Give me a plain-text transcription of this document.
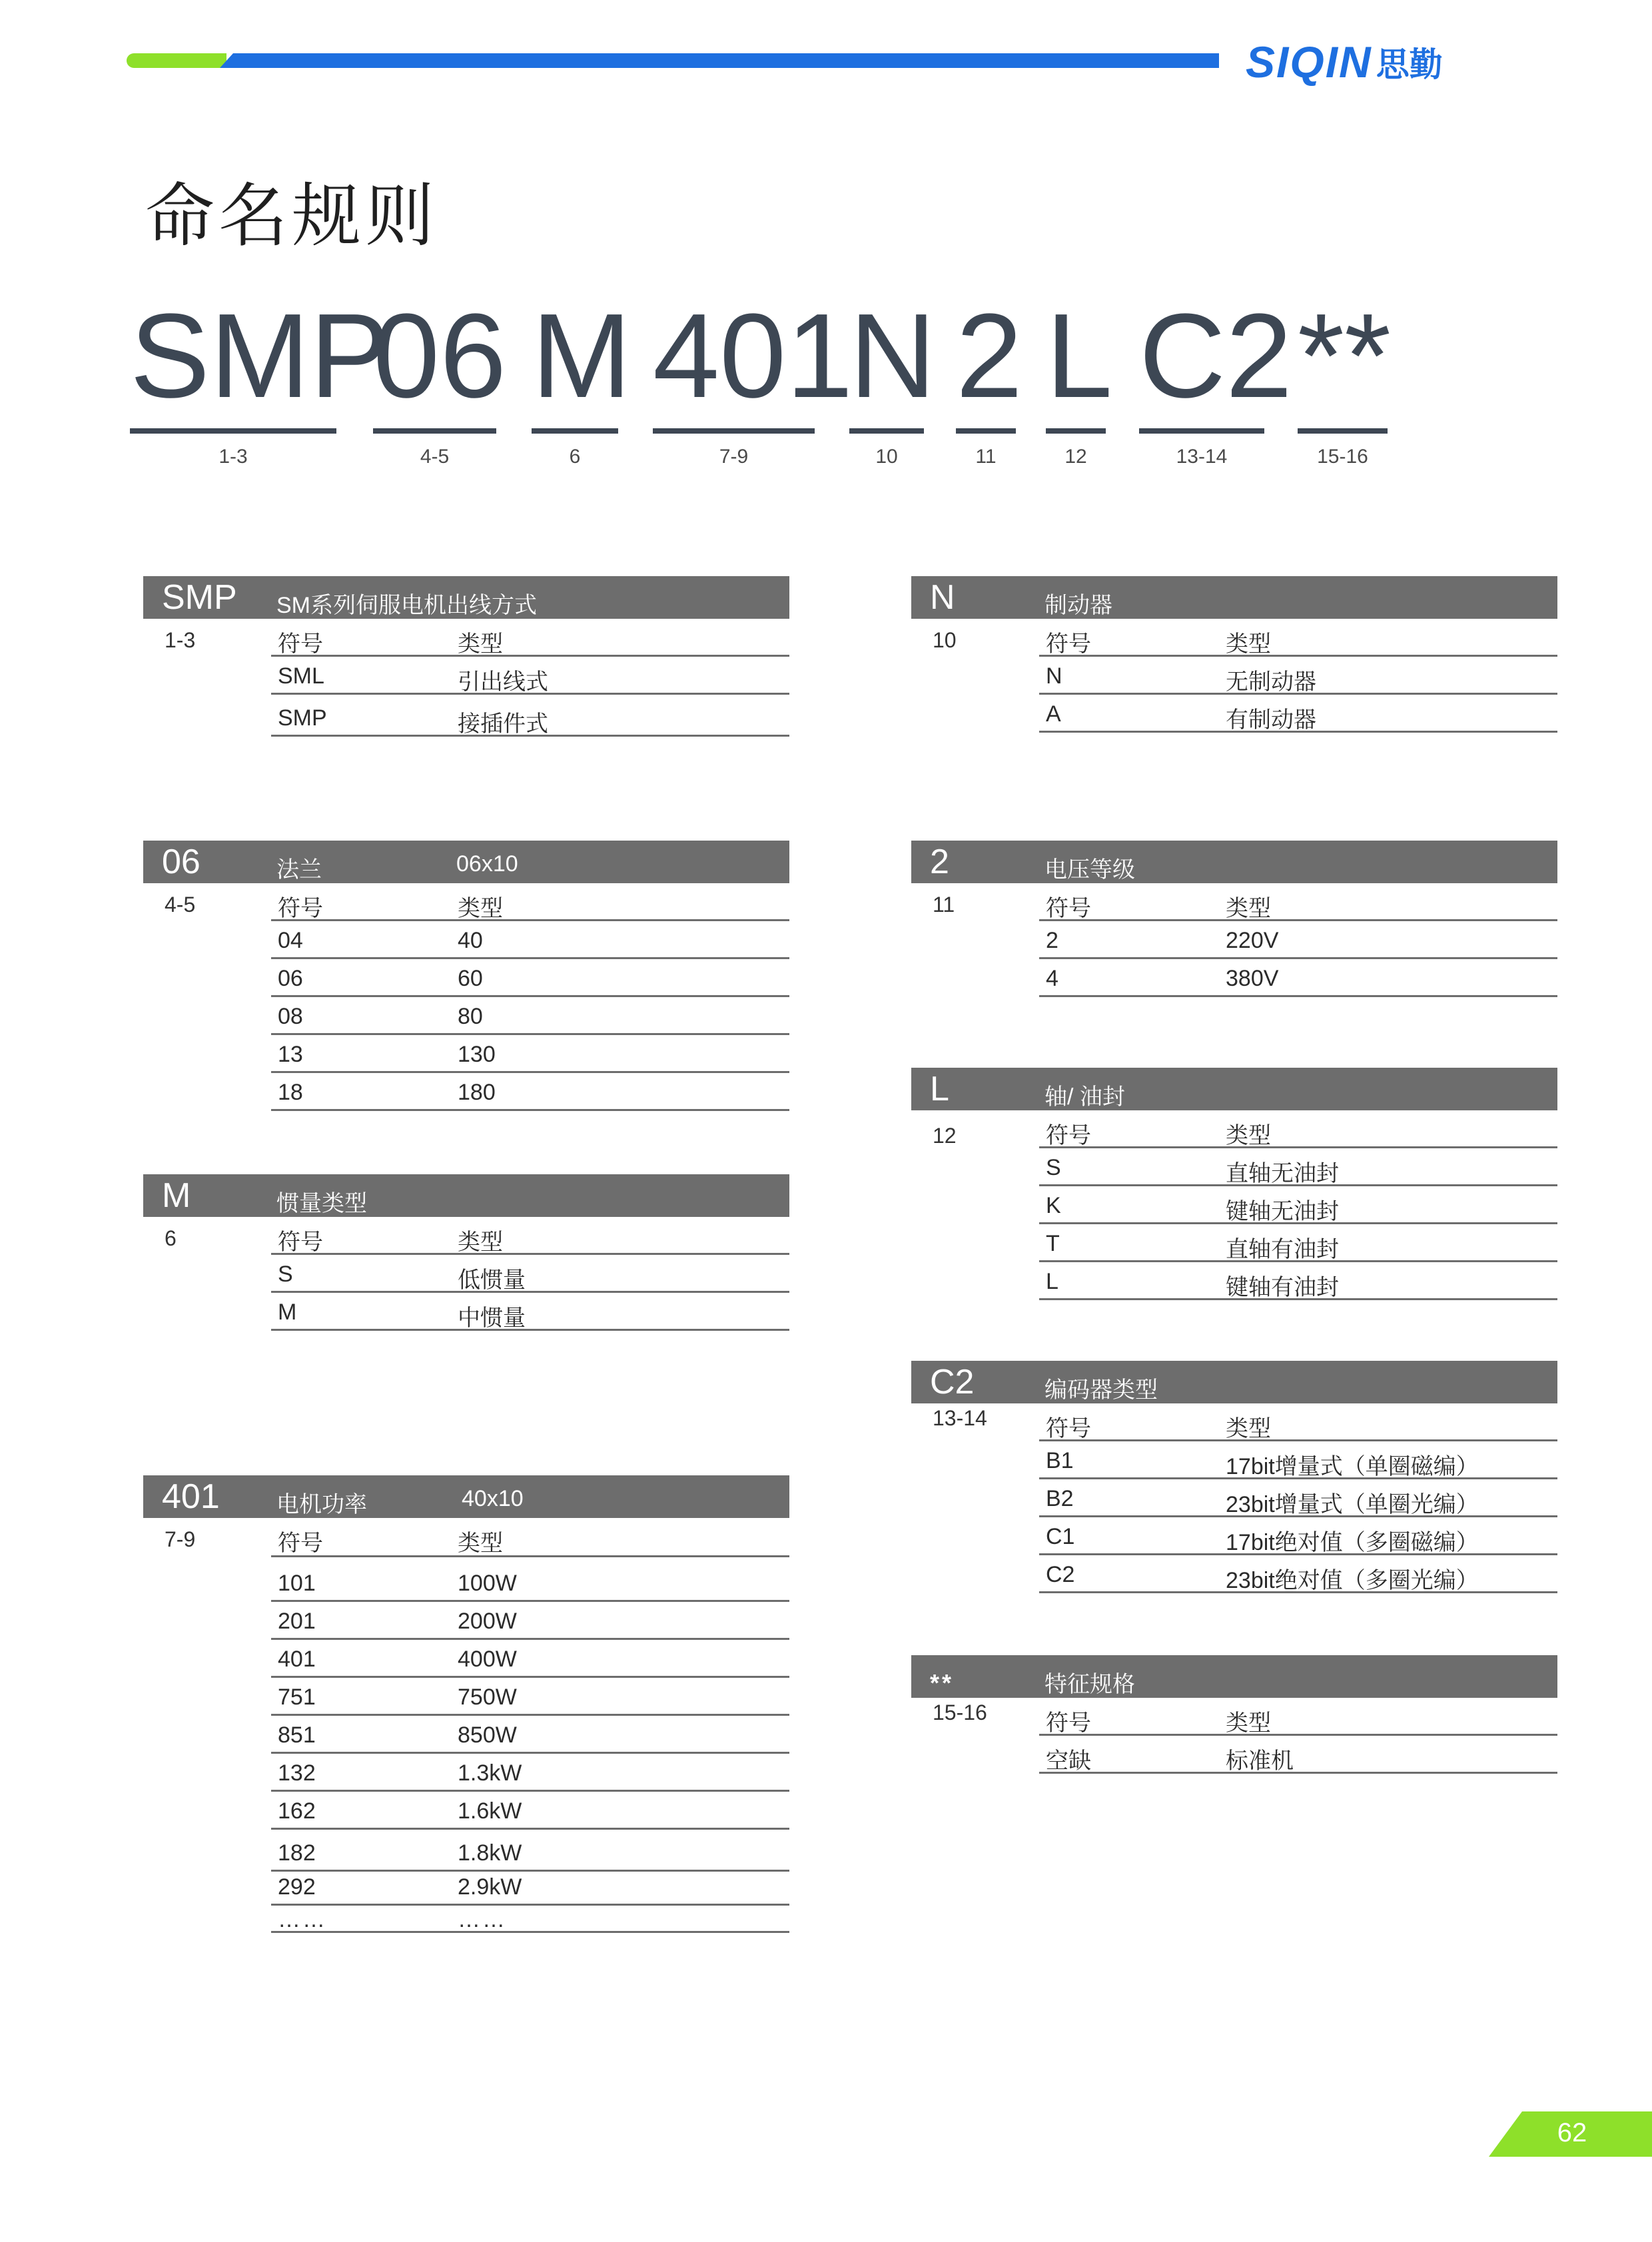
SIQIN 思勤
命名规则
SMP
1-3
06
4-5
M
6
401
7-9
N
10
2
11
L
12
C2
13-14
**
15-16
SMP SM系列伺服电机出线方式
1-3	符号	类型
SML	引出线式
SMP	接插件式
06	法兰	06x10
4-5	符号	类型
04	40
06	60
08	80
13	130
18	180
M	惯量类型
6	符号	类型
S	低惯量
M	中惯量
401	电机功率	40x10
7-9	符号	类型
101	100W
201	200W
401	400W
751	750W
851	850W
132	1.3kW
162	1.6kW
182	1.8kW
292	2.9kW
……	……
N	制动器
10	符号	类型
N	无制动器
A	有制动器
2	电压等级
11	符号	类型
2	220V
4	380V
L	轴/ 油封
12	符号	类型
S	直轴无油封
K	键轴无油封
T	直轴有油封
L	键轴有油封
C2	编码器类型
13-14	符号	类型
B1	17bit增量式（单圈磁编）
B2	23bit增量式（单圈光编）
C1	17bit绝对值（多圈磁编）
C2	23bit绝对值（多圈光编）
**	特征规格
15-16	符号	类型
空缺	标准机
62
